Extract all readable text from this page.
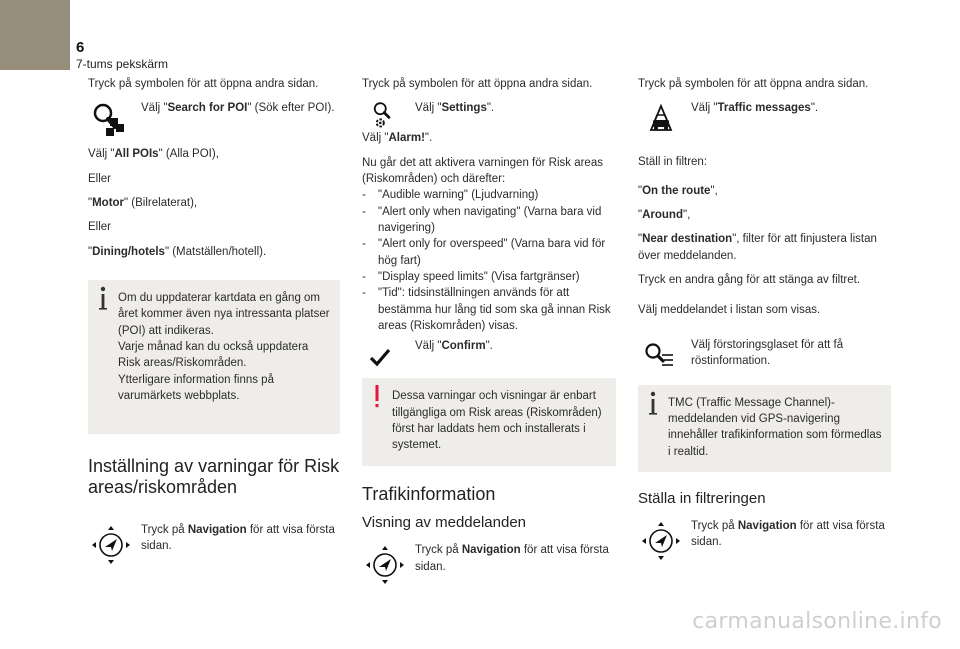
6
7-tums pekskärm

Tryck på symbolen för att öppna andra sidan.

Välj "Search for POI" (Sök efter POI).

Välj "All POIs" (Alla POI),

Eller

"Motor" (Bilrelaterat),

Eller

"Dining/hotels" (Matställen/hotell).

Om du uppdaterar kartdata en gång om året kommer även nya intressanta platser (POI) att indikeras.
Varje månad kan du också uppdatera Risk areas/Riskområden.
Ytterligare information finns på varumärkets webbplats.
Inställning av varningar för Risk areas/riskområden
Tryck på Navigation för att visa första sidan.

Tryck på symbolen för att öppna andra sidan.

Välj "Settings".

Välj "Alarm!".

Nu går det att aktivera varningen för Risk areas (Riskområden) och därefter:

- "Audible warning" (Ljudvarning)
- "Alert only when navigating" (Varna bara vid navigering)
- "Alert only for overspeed" (Varna bara vid för hög fart)
- "Display speed limits" (Visa fartgränser)
- "Tid": tidsinställningen används för att bestämma hur lång tid som ska gå innan Risk areas (Riskområden) visas.
Välj "Confirm".
Dessa varningar och visningar är enbart tillgängliga om Risk areas (Riskområden) först har laddats hem och installerats i systemet.
Trafikinformation
Visning av meddelanden
Tryck på Navigation för att visa första sidan.

Tryck på symbolen för att öppna andra sidan.

Välj "Traffic messages".

Ställ in filtren:

"On the route",

"Around",

"Near destination", filter för att finjustera listan över meddelanden.

Tryck en andra gång för att stänga av filtret.

Välj meddelandet i listan som visas.

Välj förstoringsglaset för att få röstinformation.
TMC (Traffic Message Channel)-meddelanden vid GPS-navigering innehåller trafikinformation som förmedlas i realtid.
Ställa in filtreringen
Tryck på Navigation för att visa första sidan.
carmanualsonline.info
